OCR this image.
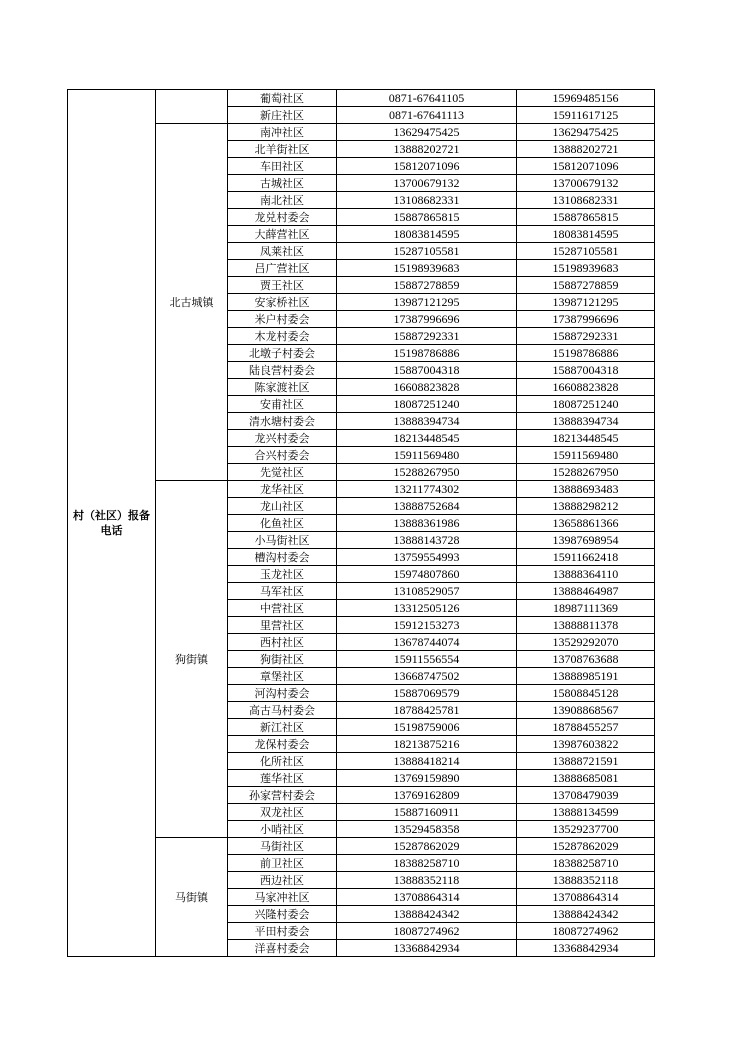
村（社区）报备电话		葡萄社区	0871-67641105	15969485156
		新庄社区	0871-67641113	15911617125
	北古城镇	南冲社区	13629475425	13629475425
		北羊街社区	13888202721	13888202721
		车田社区	15812071096	15812071096
		古城社区	13700679132	13700679132
		南北社区	13108682331	13108682331
		龙兑村委会	15887865815	15887865815
		大薛营社区	18083814595	18083814595
		凤莱社区	15287105581	15287105581
		吕广营社区	15198939683	15198939683
		贾王社区	15887278859	15887278859
		安家桥社区	13987121295	13987121295
		米户村委会	17387996696	17387996696
		木龙村委会	15887292331	15887292331
		北墩子村委会	15198786886	15198786886
		陆良营村委会	15887004318	15887004318
		陈家渡社区	16608823828	16608823828
		安甫社区	18087251240	18087251240
		清水塘村委会	13888394734	13888394734
		龙兴村委会	18213448545	18213448545
		合兴村委会	15911569480	15911569480
		先觉社区	15288267950	15288267950
	狗街镇	龙华社区	13211774302	13888693483
		龙山社区	13888752684	13888298212
		化鱼社区	13888361986	13658861366
		小马街社区	13888143728	13987698954
		槽沟村委会	13759554993	15911662418
		玉龙社区	15974807860	13888364110
		马军社区	13108529057	13888464987
		中营社区	13312505126	18987111369
		里营社区	15912153273	13888811378
		西村社区	13678744074	13529292070
		狗街社区	15911556554	13708763688
		章堡社区	13668747502	13888985191
		河沟村委会	15887069579	15808845128
		高古马村委会	18788425781	13908868567
		新江社区	15198759006	18788455257
		龙保村委会	18213875216	13987603822
		化所社区	13888418214	13888721591
		莲华社区	13769159890	13888685081
		孙家营村委会	13769162809	13708479039
		双龙社区	15887160911	13888134599
		小哨社区	13529458358	13529237700
	马街镇	马街社区	15287862029	15287862029
		前卫社区	18388258710	18388258710
		西边社区	13888352118	13888352118
		马家冲社区	13708864314	13708864314
		兴隆村委会	13888424342	13888424342
		平田村委会	18087274962	18087274962
		洋喜村委会	13368842934	13368842934
